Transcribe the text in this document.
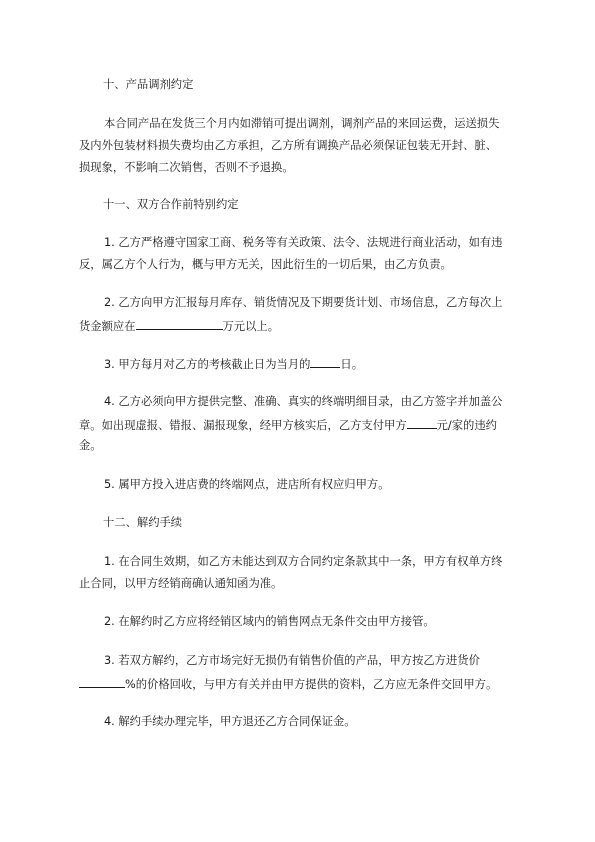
十、产品调剂约定
本合同产品在发货三个月内如滞销可提出调剂，调剂产品的来回运费，运送损失
及内外包装材料损失费均由乙方承担，乙方所有调换产品必须保证包装无开封、脏、
损现象，不影响二次销售，否则不予退换。
十一、双方合作前特别约定
1. 乙方严格遵守国家工商、税务等有关政策、法令、法规进行商业活动，如有违
反，属乙方个人行为，概与甲方无关，因此衍生的一切后果，由乙方负责。
2. 乙方向甲方汇报每月库存、销货情况及下期要货计划、市场信息，乙方每次上
货金额应在	万元以上。
3. 甲方每月对乙方的考核截止日为当月的	日。
4. 乙方必须向甲方提供完整、准确、真实的终端明细目录，由乙方签字并加盖公
章。如出现虚报、错报、漏报现象，经甲方核实后，乙方支付甲方	元/家的违约
金。
5. 属甲方投入进店费的终端网点，进店所有权应归甲方。
十二、解约手续
1. 在合同生效期，如乙方未能达到双方合同约定条款其中一条，甲方有权单方终
止合同，以甲方经销商确认通知函为准。
2. 在解约时乙方应将经销区域内的销售网点无条件交由甲方接管。
3. 若双方解约，乙方市场完好无损仍有销售价值的产品，甲方按乙方进货价
%的价格回收，与甲方有关并由甲方提供的资料，乙方应无条件交回甲方。
4. 解约手续办理完毕，甲方退还乙方合同保证金。
